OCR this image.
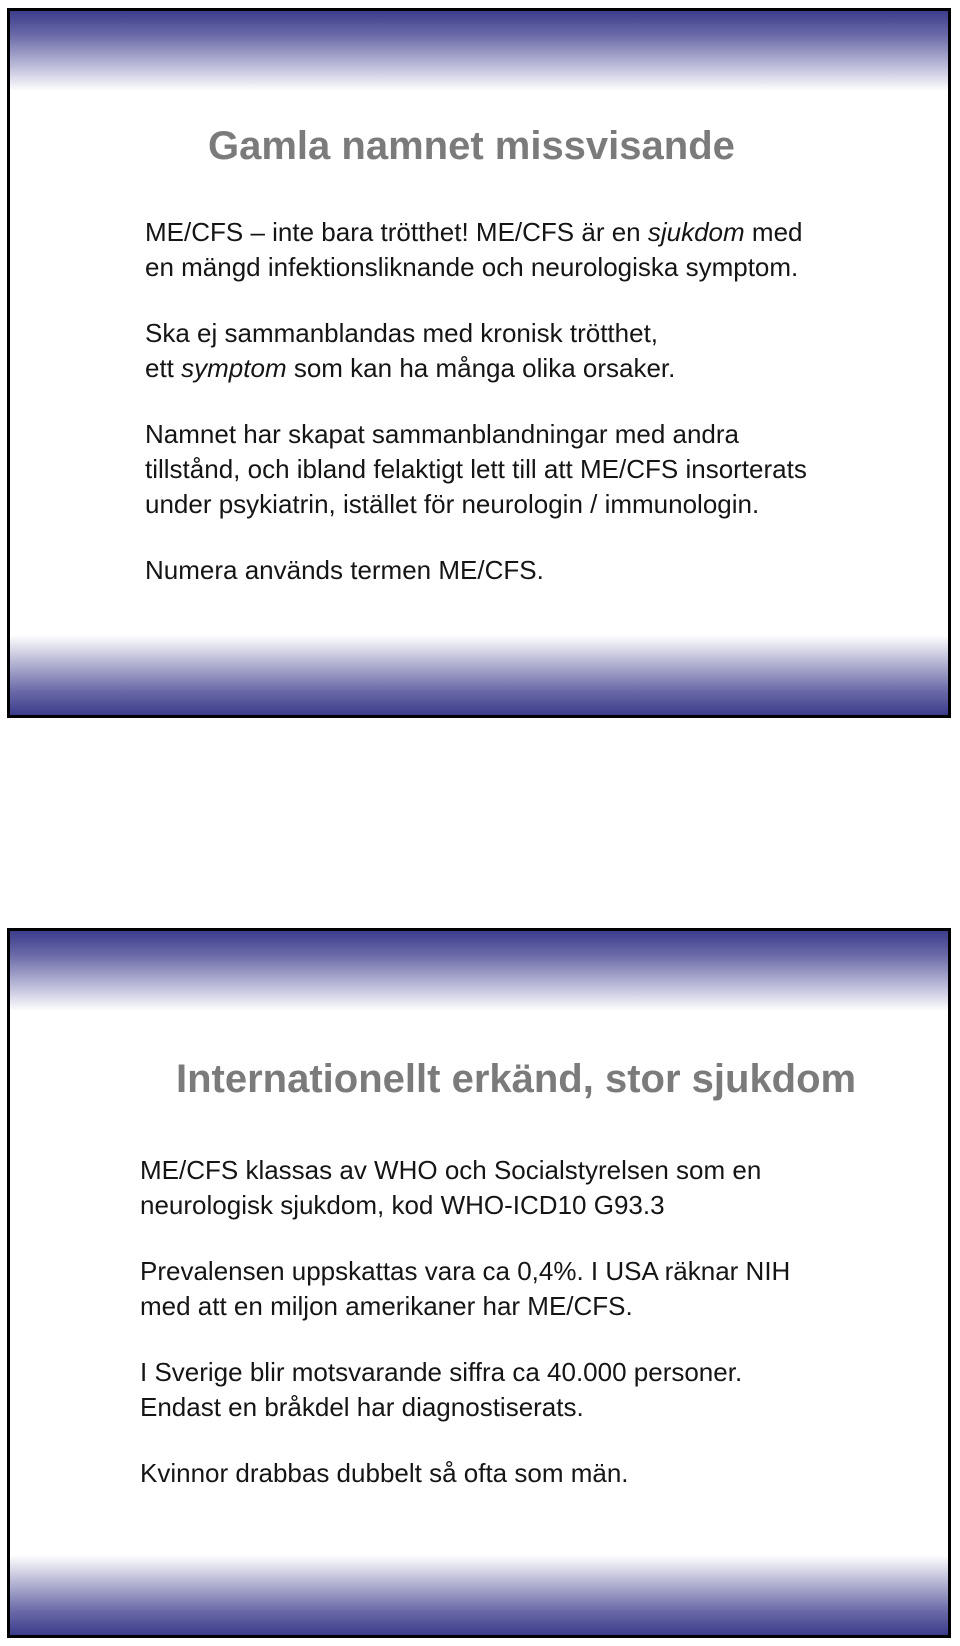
Gamla namnet missvisande

ME/CFS – inte bara trötthet! ME/CFS är en sjukdom med
en mängd infektionsliknande och neurologiska symptom.

Ska ej sammanblandas med kronisk trötthet,
ett symptom som kan ha många olika orsaker.

Namnet har skapat sammanblandningar med andra
tillstånd, och ibland felaktigt lett till att ME/CFS insorterats
under psykiatrin, istället för neurologin / immunologin.

Numera används termen ME/CFS.

Internationellt erkänd, stor sjukdom

ME/CFS klassas av WHO och Socialstyrelsen som en
neurologisk sjukdom, kod WHO-ICD10 G93.3

Prevalensen uppskattas vara ca 0,4%. I USA räknar NIH
med att en miljon amerikaner har ME/CFS.

I Sverige blir motsvarande siffra ca 40.000 personer.
Endast en bråkdel har diagnostiserats.

Kvinnor drabbas dubbelt så ofta som män.
